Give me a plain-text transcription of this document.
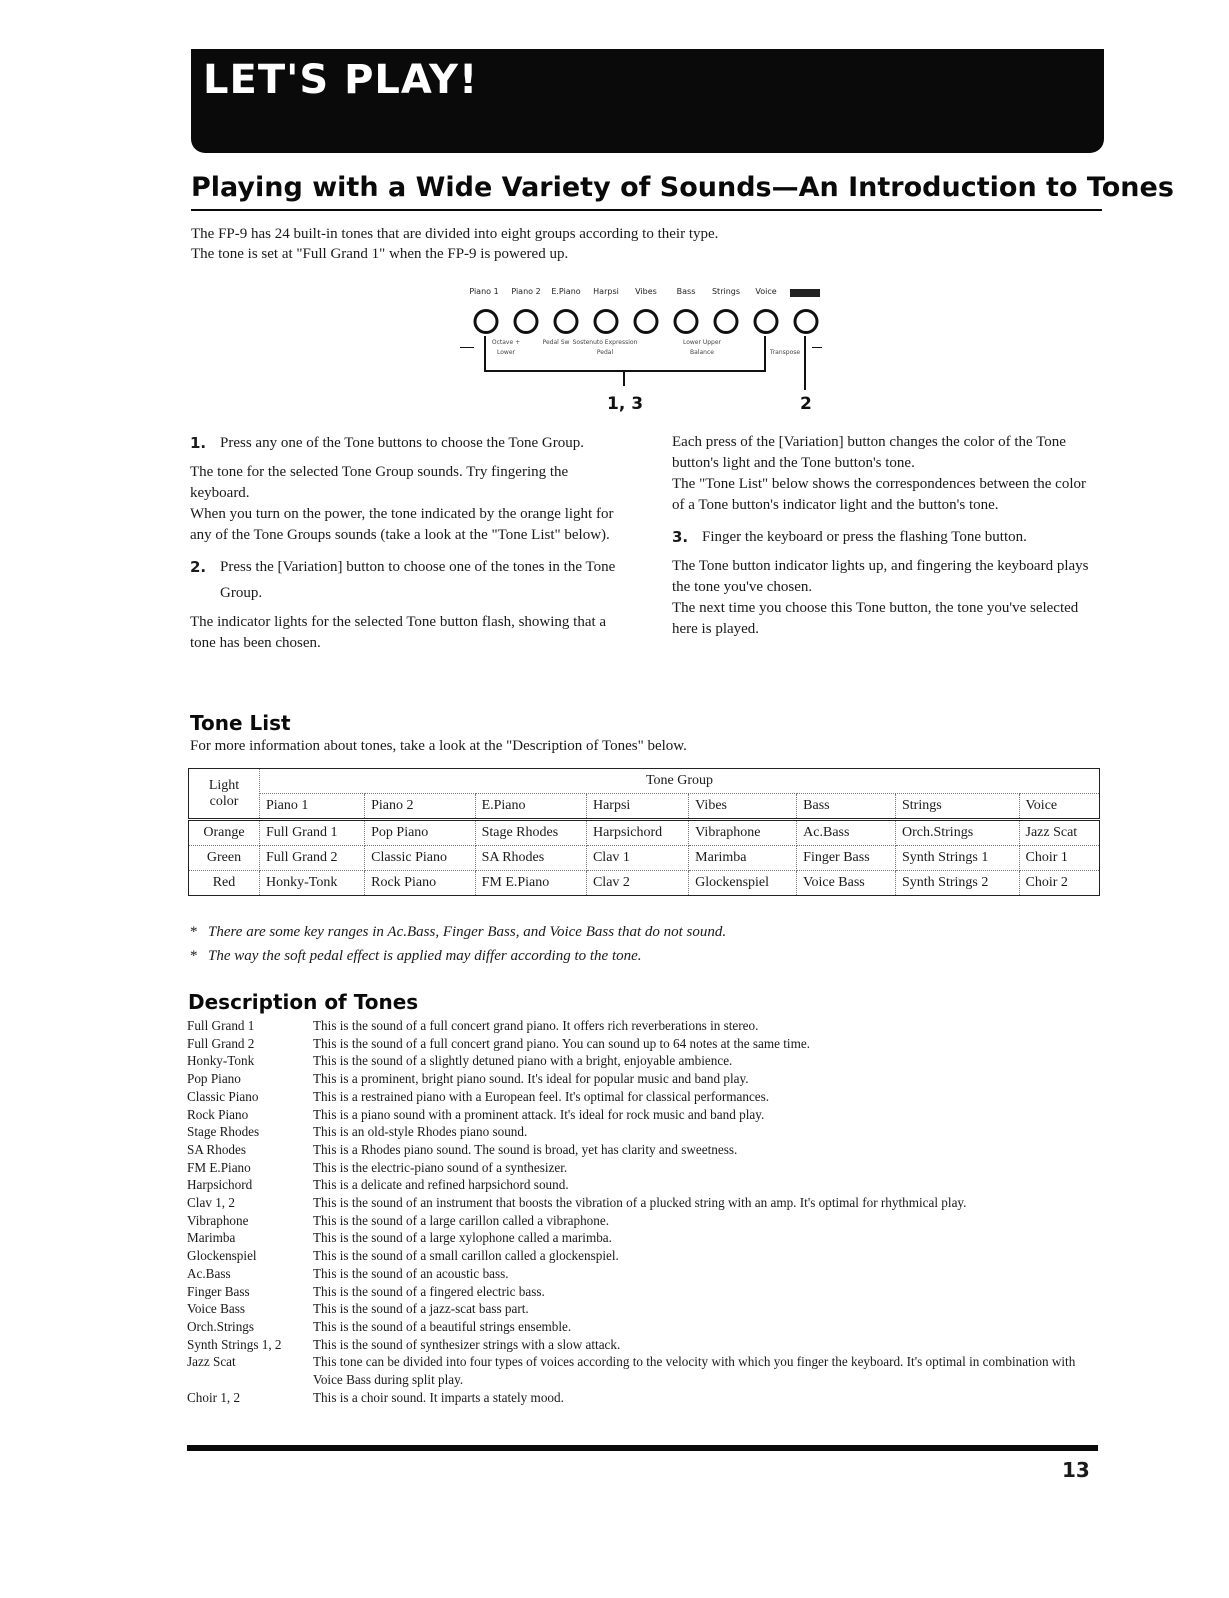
LET'S PLAY!
Playing with a Wide Variety of Sounds—An Introduction to Tones
The FP-9 has 24 built-in tones that are divided into eight groups according to their type.
The tone is set at "Full Grand 1" when the FP-9 is powered up.
Piano 1 Piano 2 E.Piano Harpsi Vibes Bass Strings Voice
Octave +	Pedal Sw Sostenuto Expression	Lower Upper
Lower	Pedal	Balance	Transpose
1, 3	2

1. Press any one of the Tone buttons to choose the Tone Group.

The tone for the selected Tone Group sounds. Try fingering the keyboard.

When you turn on the power, the tone indicated by the orange light for any of the Tone Groups sounds (take a look at the "Tone List" below).

2. Press the [Variation] button to choose one of the tones in the Tone Group.

The indicator lights for the selected Tone button flash, showing that a tone has been chosen.

Each press of the [Variation] button changes the color of the Tone button's light and the Tone button's tone.

The "Tone List" below shows the correspondences between the color of a Tone button's indicator light and the button's tone.

3. Finger the keyboard or press the flashing Tone button.

The Tone button indicator lights up, and fingering the keyboard plays the tone you've chosen.

The next time you choose this Tone button, the tone you've selected here is played.

Tone List
For more information about tones, take a look at the "Description of Tones" below.
Light color	Tone Group							
	Piano 1	Piano 2	E.Piano	Harpsi	Vibes	Bass	Strings	Voice
Orange	Full Grand 1	Pop Piano	Stage Rhodes	Harpsichord	Vibraphone	Ac.Bass	Orch.Strings	Jazz Scat
Green	Full Grand 2	Classic Piano	SA Rhodes	Clav 1	Marimba	Finger Bass	Synth Strings 1	Choir 1
Red	Honky-Tonk	Rock Piano	FM E.Piano	Clav 2	Glockenspiel	Voice Bass	Synth Strings 2	Choir 2
* There are some key ranges in Ac.Bass, Finger Bass, and Voice Bass that do not sound.
* The way the soft pedal effect is applied may differ according to the tone.
Description of Tones
Full Grand 1	This is the sound of a full concert grand piano. It offers rich reverberations in stereo.
Full Grand 2	This is the sound of a full concert grand piano. You can sound up to 64 notes at the same time.
Honky-Tonk	This is the sound of a slightly detuned piano with a bright, enjoyable ambience.
Pop Piano	This is a prominent, bright piano sound. It's ideal for popular music and band play.
Classic Piano	This is a restrained piano with a European feel. It's optimal for classical performances.
Rock Piano	This is a piano sound with a prominent attack. It's ideal for rock music and band play.
Stage Rhodes	This is an old-style Rhodes piano sound.
SA Rhodes	This is a Rhodes piano sound. The sound is broad, yet has clarity and sweetness.
FM E.Piano	This is the electric-piano sound of a synthesizer.
Harpsichord	This is a delicate and refined harpsichord sound.
Clav 1, 2	This is the sound of an instrument that boosts the vibration of a plucked string with an amp. It's optimal for rhythmical play.
Vibraphone	This is the sound of a large carillon called a vibraphone.
Marimba	This is the sound of a large xylophone called a marimba.
Glockenspiel	This is the sound of a small carillon called a glockenspiel.
Ac.Bass	This is the sound of an acoustic bass.
Finger Bass	This is the sound of a fingered electric bass.
Voice Bass	This is the sound of a jazz-scat bass part.
Orch.Strings	This is the sound of a beautiful strings ensemble.
Synth Strings 1, 2	This is the sound of synthesizer strings with a slow attack.
Jazz Scat	This tone can be divided into four types of voices according to the velocity with which you finger the keyboard. It's optimal in combination with Voice Bass during split play.
Choir 1, 2	This is a choir sound. It imparts a stately mood.
13
